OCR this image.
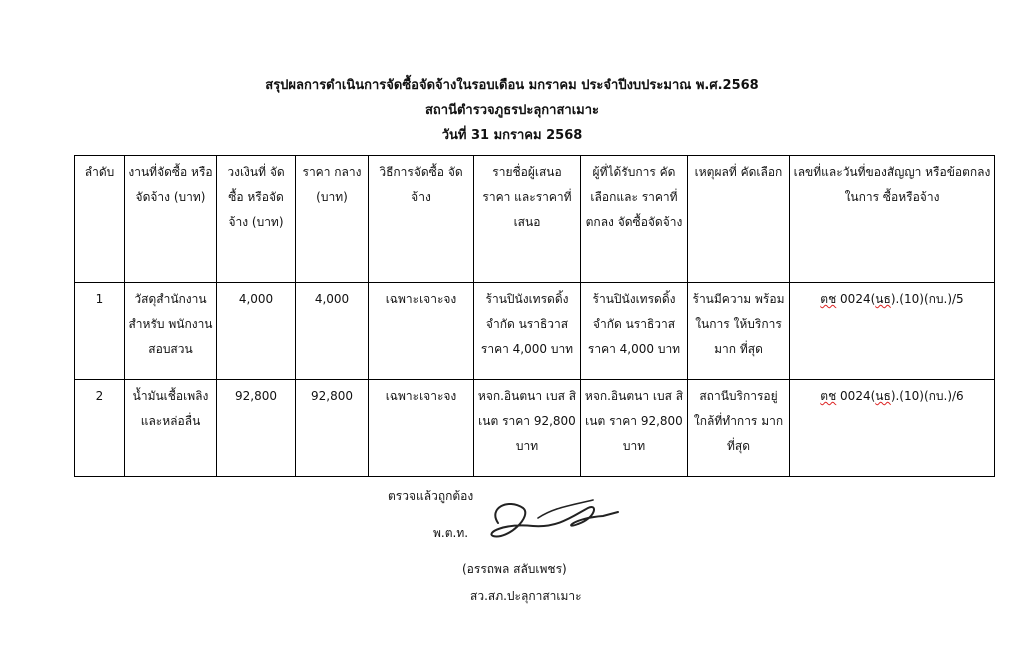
สรุปผลการดำเนินการจัดซื้อจัดจ้างในรอบเดือน มกราคม ประจำปีงบประมาณ พ.ศ.2568
สถานีตำรวจภูธรปะลุกาสาเมาะ
วันที่ 31 มกราคม 2568
ลำดับ	งานที่จัดซื้อ หรือจัดจ้าง (บาท)	วงเงินที่ จัดซื้อ หรือจัด จ้าง (บาท)	ราคา กลาง (บาท)	วิธีการจัดซื้อ จัดจ้าง	รายชื่อผู้เสนอ ราคา และราคาที่ เสนอ	ผู้ที่ได้รับการ คัดเลือกและ ราคาที่ตกลง จัดซื้อจัดจ้าง	เหตุผลที่ คัดเลือก	เลขที่และวันที่ของสัญญา หรือข้อตกลงในการ ซื้อหรือจ้าง
1	วัสดุสำนักงาน สำหรับ พนักงาน สอบสวน	4,000	4,000	เฉพาะเจาะจง	ร้านปินังเทรดดิ้ง จำกัด นราธิวาส ราคา 4,000 บาท	ร้านปินังเทรดดิ้ง จำกัด นราธิวาส ราคา 4,000 บาท	ร้านมีความ พร้อมในการ ให้บริการมาก ที่สุด	ตช 0024(นธ).(10)(กบ.)/5
2	น้ำมันเชื้อเพลิง และหล่อลื่น	92,800	92,800	เฉพาะเจาะจง	หจก.อินตนา เบส สิเนต ราคา 92,800 บาท	หจก.อินตนา เบส สิเนต ราคา 92,800 บาท	สถานีบริการอยู่ ใกล้ที่ทำการ มากที่สุด	ตช 0024(นธ).(10)(กบ.)/6
ตรวจแล้วถูกต้อง
พ.ต.ท.
(อรรถพล สลับเพชร)
สว.สภ.ปะลุกาสาเมาะ
